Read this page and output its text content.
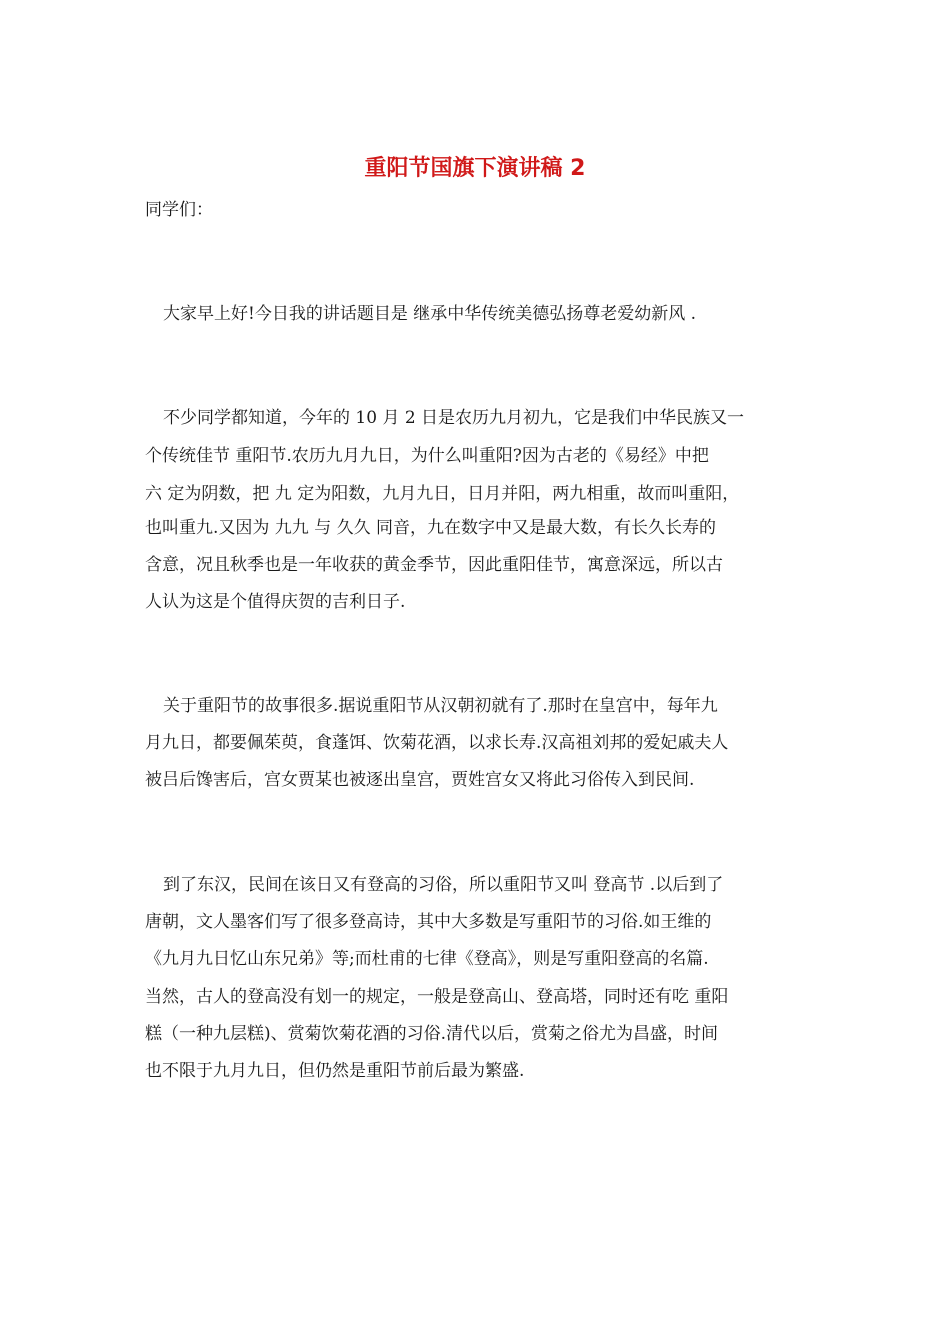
重阳节国旗下演讲稿 2

同学们：

大家早上好!今日我的讲话题目是 继承中华传统美德弘扬尊老爱幼新风 .

不少同学都知道，今年的 10 月 2 日是农历九月初九，它是我们中华民族又一

个传统佳节 重阳节.农历九月九日，为什么叫重阳?因为古老的《易经》中把

六 定为阴数，把 九 定为阳数，九月九日，日月并阳，两九相重，故而叫重阳，

也叫重九.又因为 九九 与 久久 同音，九在数字中又是最大数，有长久长寿的

含意，况且秋季也是一年收获的黄金季节，因此重阳佳节，寓意深远，所以古

人认为这是个值得庆贺的吉利日子.

关于重阳节的故事很多.据说重阳节从汉朝初就有了.那时在皇宫中，每年九

月九日，都要佩茱萸，食蓬饵、饮菊花酒，以求长寿.汉高祖刘邦的爱妃戚夫人

被吕后馋害后，宫女贾某也被逐出皇宫，贾姓宫女又将此习俗传入到民间.

到了东汉，民间在该日又有登高的习俗，所以重阳节又叫 登高节 .以后到了

唐朝，文人墨客们写了很多登高诗，其中大多数是写重阳节的习俗.如王维的

《九月九日忆山东兄弟》等;而杜甫的七律《登高》，则是写重阳登高的名篇.

当然，古人的登高没有划一的规定，一般是登高山、登高塔，同时还有吃 重阳

糕（一种九层糕)、赏菊饮菊花酒的习俗.清代以后，赏菊之俗尤为昌盛，时间

也不限于九月九日，但仍然是重阳节前后最为繁盛.
